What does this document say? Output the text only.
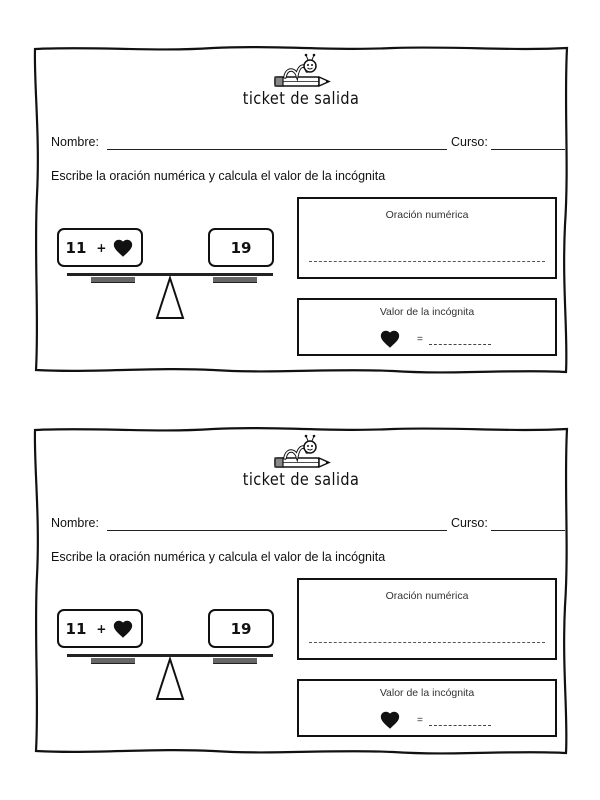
ticket de salida
Nombre:	Curso:
Escribe la oración numérica y calcula el valor de la incógnita
11 +	19
Oración numérica
Valor de la incógnita
=
ticket de salida
Nombre:	Curso:
Escribe la oración numérica y calcula el valor de la incógnita
11 +	19
Oración numérica
Valor de la incógnita
=
